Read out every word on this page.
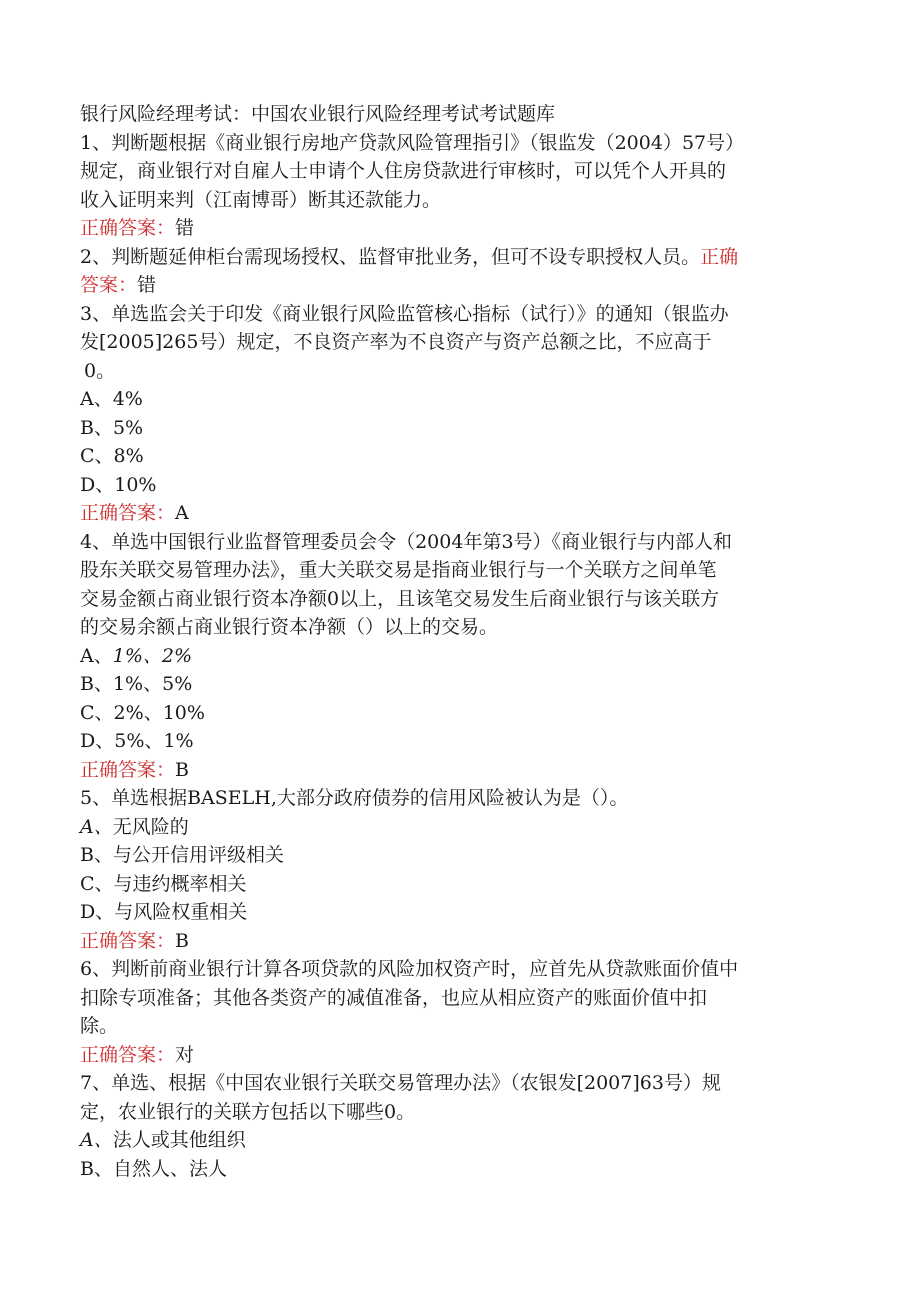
银行风险经理考试：中国农业银行风险经理考试考试题库

1、判断题根据《商业银行房地产贷款风险管理指引》（银监发（2004）57号）

规定，商业银行对自雇人士申请个人住房贷款进行审核时，可以凭个人开具的

收入证明来判（江南博哥）断其还款能力。

正确答案：错

2、判断题延伸柜台需现场授权、监督审批业务，但可不设专职授权人员。正确

答案：错

3、单选监会关于印发《商业银行风险监管核心指标（试行）》的通知（银监办

发[2005]265号）规定，不良资产率为不良资产与资产总额之比，不应高于

0。

A、4%

B、5%

C、8%

D、10%

正确答案：A

4、单选中国银行业监督管理委员会令（2004年第3号）《商业银行与内部人和

股东关联交易管理办法》，重大关联交易是指商业银行与一个关联方之间单笔

交易金额占商业银行资本净额0以上，且该笔交易发生后商业银行与该关联方

的交易余额占商业银行资本净额（）以上的交易。

A、1%、2%

B、1%、5%

C、2%、10%

D、5%、1%

正确答案：B

5、单选根据BASELH,大部分政府债券的信用风险被认为是（）。

A、无风险的

B、与公开信用评级相关

C、与违约概率相关

D、与风险权重相关

正确答案：B

6、判断前商业银行计算各项贷款的风险加权资产时，应首先从贷款账面价值中

扣除专项准备；其他各类资产的减值准备，也应从相应资产的账面价值中扣

除。

正确答案：对

7、单选、根据《中国农业银行关联交易管理办法》（农银发[2007]63号）规

定，农业银行的关联方包括以下哪些0。

A、法人或其他组织

B、自然人、法人
